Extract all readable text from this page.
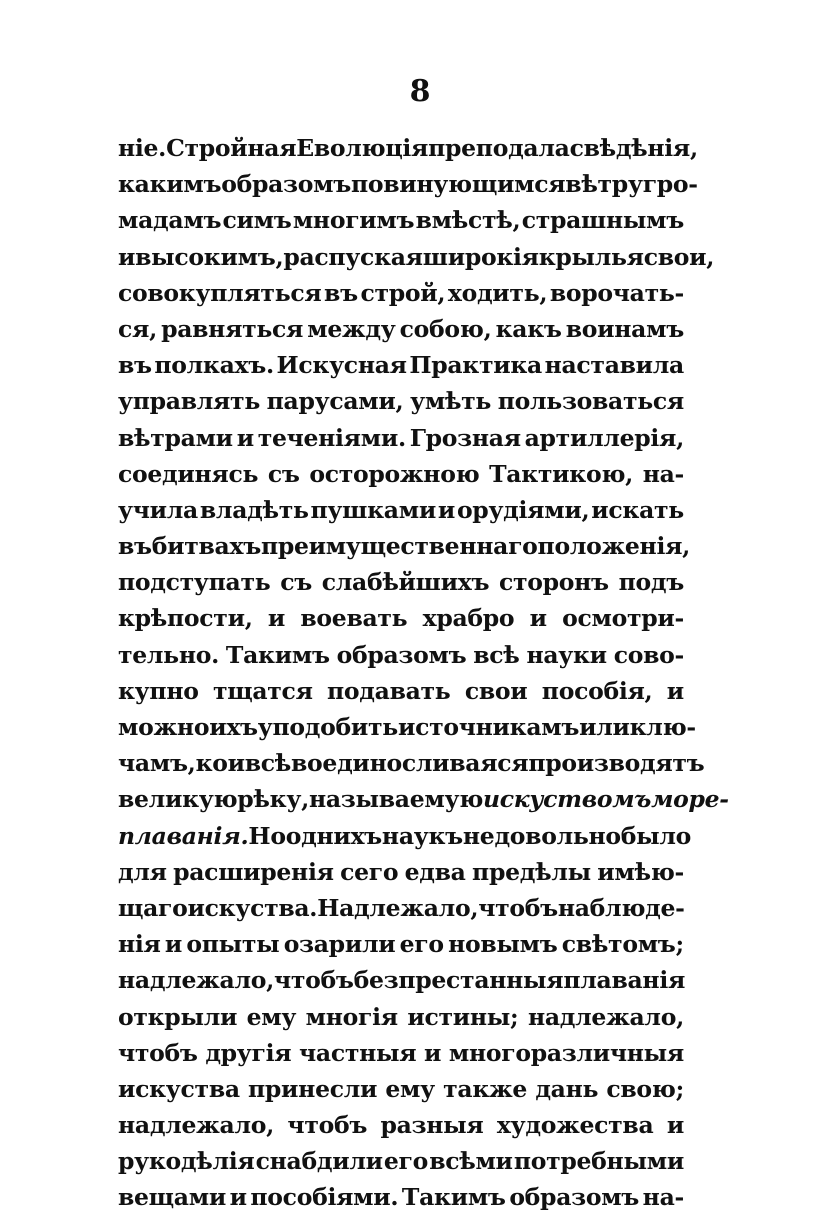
8
ніе. Стройная Еволюція преподала свѣдѣнія,
какимъ образомъ повинующимся вѣтру гро-
мадамъ симъ многимъ вмѣстѣ, страшнымъ
и высокимъ, распуская широкія крылья свои,
совокупляться въ строй, ходить, ворочать-
ся, равняться между собою, какъ воинамъ
въ полкахъ. Искусная Практика наставила
управлять парусами, умѣть пользоваться
вѣтрами и теченіями. Грозная артиллерія,
соединясь съ осторожною Тактикою, на-
учила владѣть пушками и орудіями, искать
въ битвахъ преимущественнаго положенія,
подступать съ слабѣйшихъ сторонъ подъ
крѣпости, и воевать храбро и осмотри-
тельно. Такимъ образомъ всѣ науки сово-
купно тщатся подавать свои пособія, и
можно ихъ уподобить источникамъ или клю-
чамъ, кои всѣ воедино сливаяся производятъ
великую рѣку, называемую искуствомъ море-
плаванія. Но однихъ наукъ недовольно было
для расширенія сего едва предѣлы имѣю-
щаго искуства. Надлежало, чтобъ наблюде-
нія и опыты озарили его новымъ свѣтомъ;
надлежало, чтобъ безпрестанныя плаванія
открыли ему многія истины; надлежало,
чтобъ другія частныя и многоразличныя
искуства принесли ему также дань свою;
надлежало, чтобъ разныя художества и
рукодѣлія снабдили его всѣми потребными
вещами и пособіями. Такимъ образомъ на-
